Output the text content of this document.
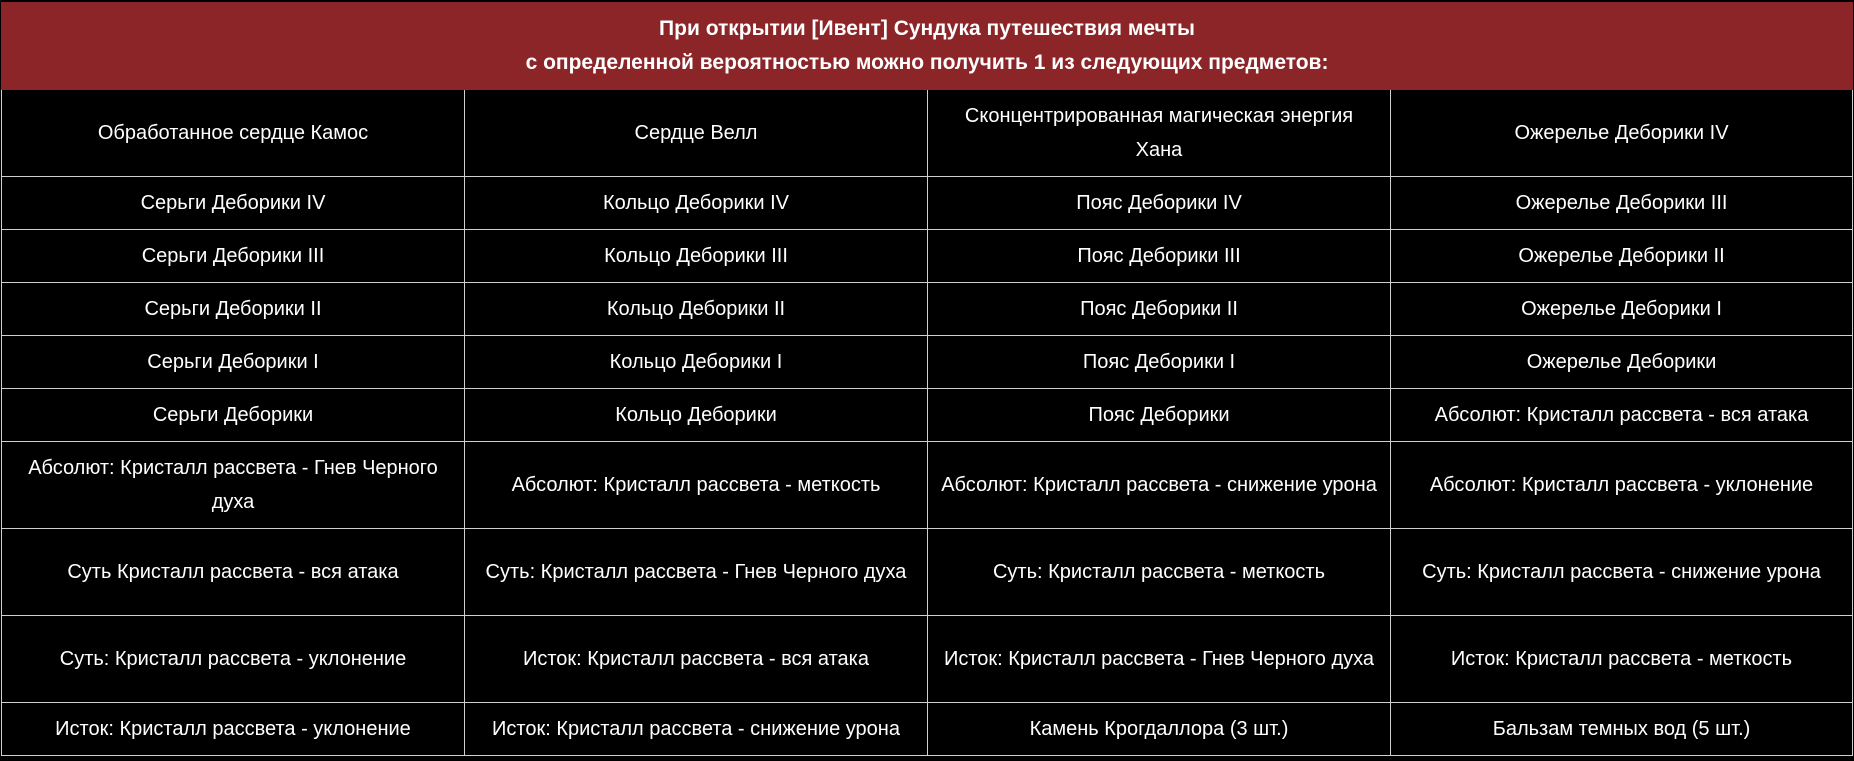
При открытии [Ивент] Сундука путешествия мечты
с определенной вероятностью можно получить 1 из следующих предметов:			

Обработанное сердце Камос	Сердце Велл	Сконцентрированная магическая энергия Хана	Ожерелье Деборики IV
Серьги Деборики IV	Кольцо Деборики IV	Пояс Деборики IV	Ожерелье Деборики III
Серьги Деборики III	Кольцо Деборики III	Пояс Деборики III	Ожерелье Деборики II
Серьги Деборики II	Кольцо Деборики II	Пояс Деборики II	Ожерелье Деборики I
Серьги Деборики I	Кольцо Деборики I	Пояс Деборики I	Ожерелье Деборики
Серьги Деборики	Кольцо Деборики	Пояс Деборики	Абсолют: Кристалл рассвета - вся атака
Абсолют: Кристалл рассвета - Гнев Черного духа	Абсолют: Кристалл рассвета - меткость	Абсолют: Кристалл рассвета - снижение урона	Абсолют: Кристалл рассвета - уклонение
Суть Кристалл рассвета - вся атака	Суть: Кристалл рассвета - Гнев Черного духа	Суть: Кристалл рассвета - меткость	Суть: Кристалл рассвета - снижение урона
Суть: Кристалл рассвета - уклонение	Исток: Кристалл рассвета - вся атака	Исток: Кристалл рассвета - Гнев Черного духа	Исток: Кристалл рассвета - меткость
Исток: Кристалл рассвета - уклонение	Исток: Кристалл рассвета - снижение урона	Камень Крогдаллора (3 шт.)	Бальзам темных вод (5 шт.)
